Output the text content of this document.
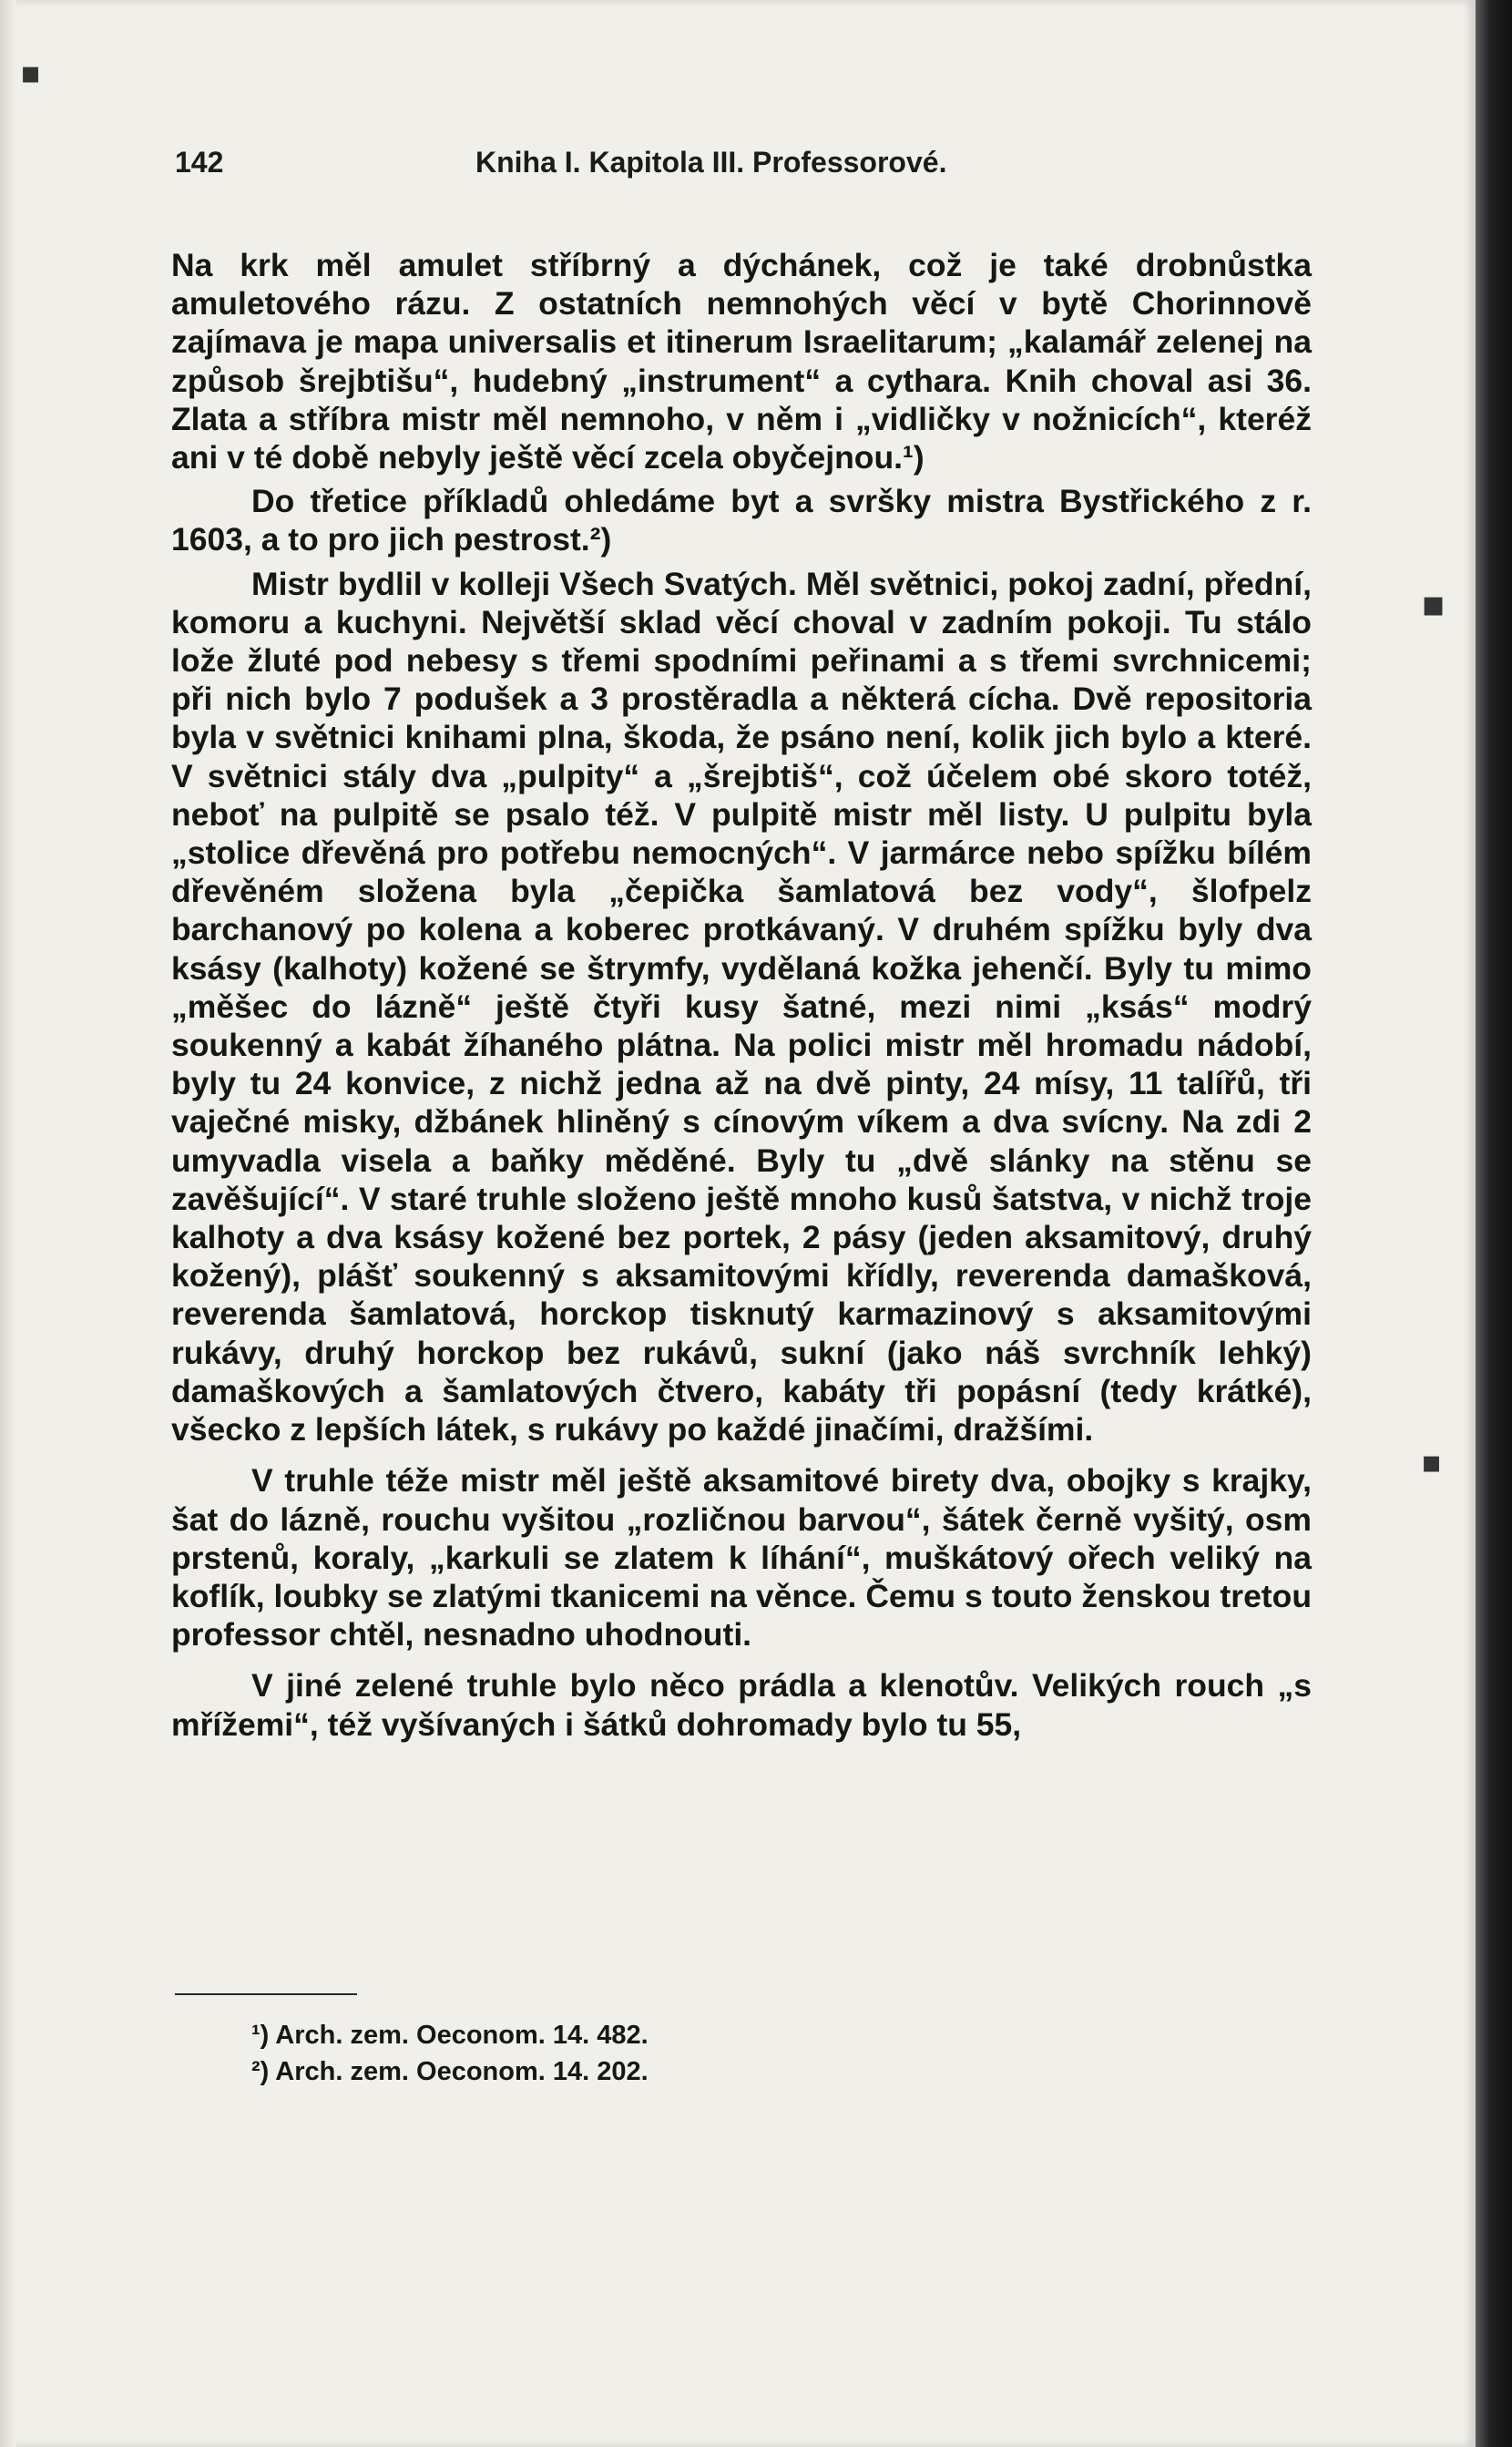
142	Kniha I. Kapitola III. Professorové.

Na krk měl amulet stříbrný a dýchánek, což je také drobnůstka amuletového rázu. Z ostatních nemnohých věcí v bytě Chorinnově zajímava je mapa universalis et itinerum Israelitarum; „kalamář zelenej na způsob šrejbtišu“, hudebný „instrument“ a cythara. Knih choval asi 36. Zlata a stříbra mistr měl nemnoho, v něm i „vidličky v nožnicích“, kteréž ani v té době nebyly ještě věcí zcela obyčejnou.¹)

Do třetice příkladů ohledáme byt a svršky mistra Bystřického z r. 1603, a to pro jich pestrost.²)

Mistr bydlil v kolleji Všech Svatých. Měl světnici, pokoj zadní, přední, komoru a kuchyni. Největší sklad věcí choval v zadním pokoji. Tu stálo lože žluté pod nebesy s třemi spodními peřinami a s třemi svrchnicemi; při nich bylo 7 podušek a 3 prostěradla a některá cícha. Dvě repositoria byla v světnici knihami plna, škoda, že psáno není, kolik jich bylo a které. V světnici stály dva „pulpity“ a „šrejbtiš“, což účelem obé skoro totéž, neboť na pulpitě se psalo též. V pulpitě mistr měl listy. U pulpitu byla „stolice dřevěná pro potřebu nemocných“. V jarmárce nebo spížku bílém dřevěném složena byla „čepička šamlatová bez vody“, šlofpelz barchanový po kolena a koberec protkávaný. V druhém spížku byly dva ksásy (kalhoty) kožené se štrymfy, vydělaná kožka jehenčí. Byly tu mimo „měšec do lázně“ ještě čtyři kusy šatné, mezi nimi „ksás“ modrý soukenný a kabát žíhaného plátna. Na polici mistr měl hromadu nádobí, byly tu 24 konvice, z nichž jedna až na dvě pinty, 24 mísy, 11 talířů, tři vaječné misky, džbánek hliněný s cínovým víkem a dva svícny. Na zdi 2 umyvadla visela a baňky měděné. Byly tu „dvě slánky na stěnu se zavěšující“. V staré truhle složeno ještě mnoho kusů šatstva, v nichž troje kalhoty a dva ksásy kožené bez portek, 2 pásy (jeden aksamitový, druhý kožený), plášť soukenný s aksamitovými křídly, reverenda damašková, reverenda šamlatová, horckop tisknutý karmazinový s aksamitovými rukávy, druhý horckop bez rukávů, sukní (jako náš svrchník lehký) damaškových a šamlatových čtvero, kabáty tři popásní (tedy krátké), všecko z lepších látek, s rukávy po každé jinačími, dražšími.

V truhle téže mistr měl ještě aksamitové birety dva, obojky s krajky, šat do lázně, rouchu vyšitou „rozličnou barvou“, šátek černě vyšitý, osm prstenů, koraly, „karkuli se zlatem k líhání“, muškátový ořech veliký na koflík, loubky se zlatými tkanicemi na věnce. Čemu s touto ženskou tretou professor chtěl, nesnadno uhodnouti.

V jiné zelené truhle bylo něco prádla a klenotův. Velikých rouch „s mřížemi“, též vyšívaných i šátků dohromady bylo tu 55,

¹) Arch. zem. Oeconom. 14. 482.
²) Arch. zem. Oeconom. 14. 202.
▪
▪
▪
